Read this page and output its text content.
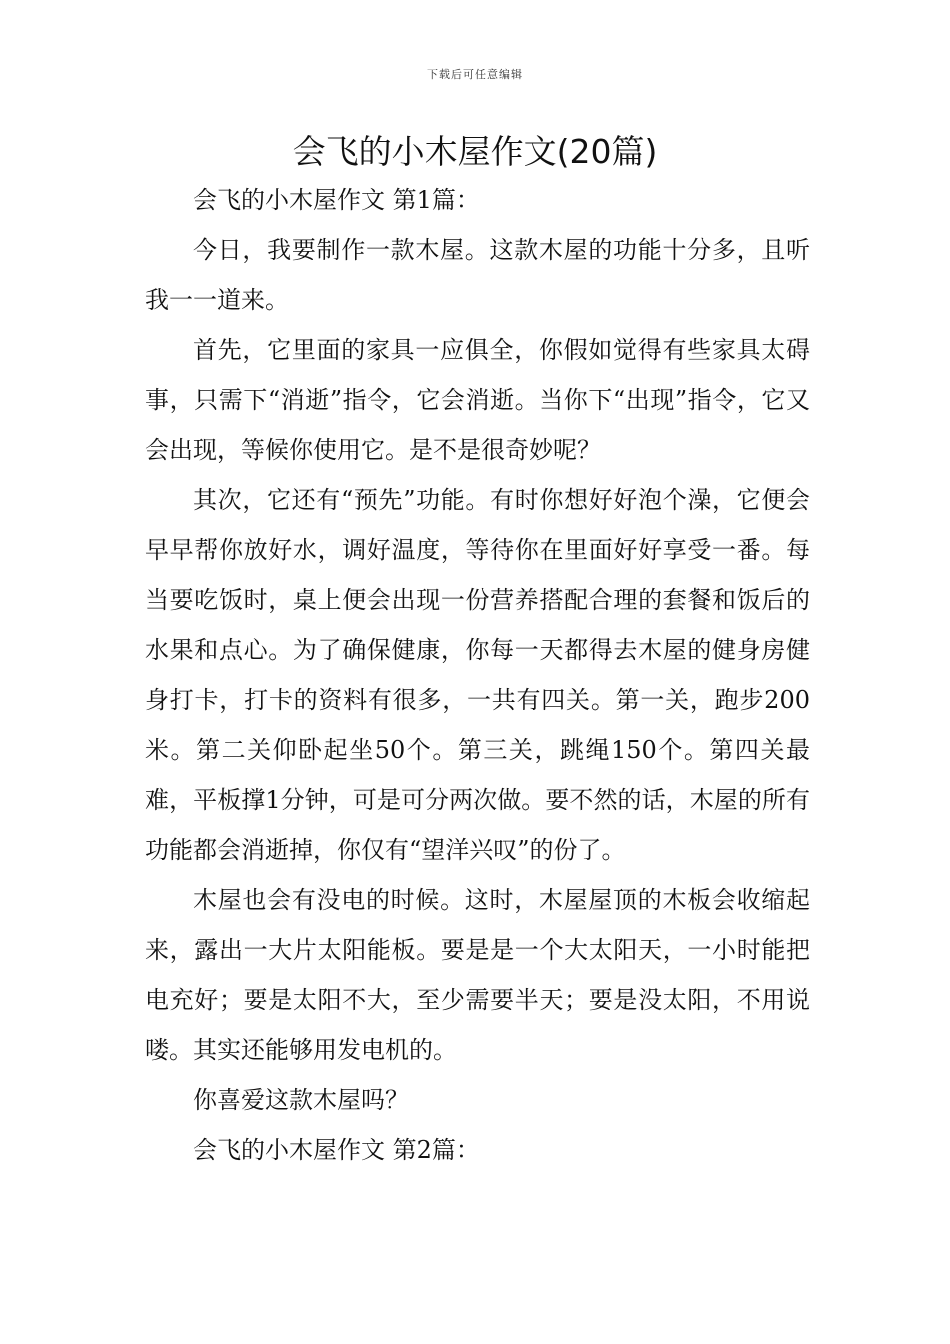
下载后可任意编辑
会飞的小木屋作文(20篇)

会飞的小木屋作文 第1篇：

今日，我要制作一款木屋。这款木屋的功能十分多，且听我一一道来。

首先，它里面的家具一应俱全，你假如觉得有些家具太碍事，只需下“消逝”指令，它会消逝。当你下“出现”指令，它又会出现，等候你使用它。是不是很奇妙呢？

其次，它还有“预先”功能。有时你想好好泡个澡，它便会早早帮你放好水，调好温度，等待你在里面好好享受一番。每当要吃饭时，桌上便会出现一份营养搭配合理的套餐和饭后的水果和点心。为了确保健康，你每一天都得去木屋的健身房健身打卡，打卡的资料有很多，一共有四关。第一关，跑步200米。第二关仰卧起坐50个。第三关，跳绳150个。第四关最难，平板撑1分钟，可是可分两次做。要不然的话，木屋的所有功能都会消逝掉，你仅有“望洋兴叹”的份了。

木屋也会有没电的时候。这时，木屋屋顶的木板会收缩起来，露出一大片太阳能板。要是是一个大太阳天，一小时能把电充好；要是太阳不大，至少需要半天；要是没太阳，不用说喽。其实还能够用发电机的。

你喜爱这款木屋吗？

会飞的小木屋作文 第2篇：
